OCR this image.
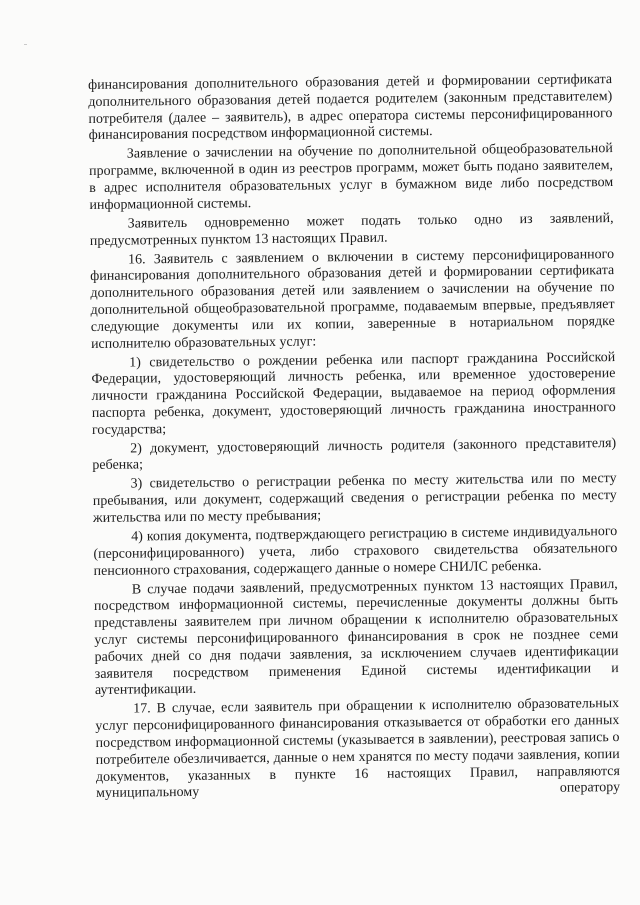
финансирования дополнительного образования детей и формировании сертификата дополнительного образования детей подается родителем (законным представителем) потребителя (далее – заявитель), в адрес оператора системы персонифицированного финансирования посредством информационной системы.

Заявление о зачислении на обучение по дополнительной общеобразовательной программе, включенной в один из реестров программ, может быть подано заявителем, в адрес исполнителя образовательных услуг в бумажном виде либо посредством информационной системы.

Заявитель одновременно может подать только одно из заявлений, предусмотренных пунктом 13 настоящих Правил.

16. Заявитель с заявлением о включении в систему персонифицированного финансирования дополнительного образования детей и формировании сертификата дополнительного образования детей или заявлением о зачислении на обучение по дополнительной общеобразовательной программе, подаваемым впервые, предъявляет следующие документы или их копии, заверенные в нотариальном порядке исполнителю образовательных услуг:

1) свидетельство о рождении ребенка или паспорт гражданина Российской Федерации, удостоверяющий личность ребенка, или временное удостоверение личности гражданина Российской Федерации, выдаваемое на период оформления паспорта ребенка, документ, удостоверяющий личность гражданина иностранного государства;

2) документ, удостоверяющий личность родителя (законного представителя) ребенка;

3) свидетельство о регистрации ребенка по месту жительства или по месту пребывания, или документ, содержащий сведения о регистрации ребенка по месту жительства или по месту пребывания;

4) копия документа, подтверждающего регистрацию в системе индивидуального (персонифицированного) учета, либо страхового свидетельства обязательного пенсионного страхования, содержащего данные о номере СНИЛС ребенка.

В случае подачи заявлений, предусмотренных пунктом 13 настоящих Правил, посредством информационной системы, перечисленные документы должны быть представлены заявителем при личном обращении к исполнителю образовательных услуг системы персонифицированного финансирования в срок не позднее семи рабочих дней со дня подачи заявления, за исключением случаев идентификации заявителя посредством применения Единой системы идентификации и аутентификации.

17. В случае, если заявитель при обращении к исполнителю образовательных услуг персонифицированного финансирования отказывается от обработки его данных посредством информационной системы (указывается в заявлении), реестровая запись о потребителе обезличивается, данные о нем хранятся по месту подачи заявления, копии документов, указанных в пункте 16 настоящих Правил, направляются муниципальному оператору
